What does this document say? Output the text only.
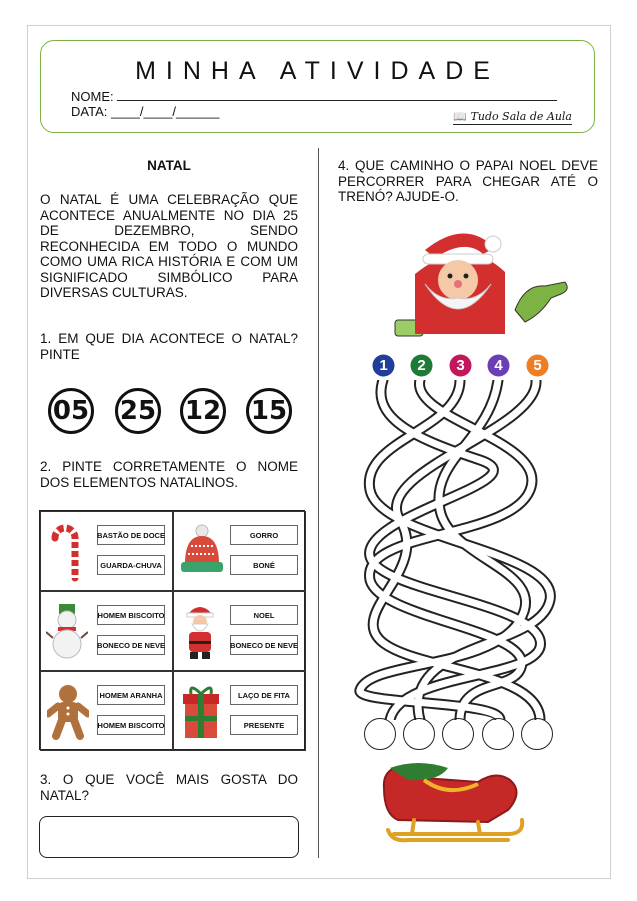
MINHA ATIVIDADE
NOME:
DATA: ____/____/______	📖 Tudo Sala de Aula
NATAL
O NATAL É UMA CELEBRAÇÃO QUE ACONTECE ANUALMENTE NO DIA 25 DE DEZEMBRO, SENDO RECONHECIDA EM TODO O MUNDO COMO UMA RICA HISTÓRIA E COM UM SIGNIFICADO SIMBÓLICO PARA DIVERSAS CULTURAS.
1. EM QUE DIA ACONTECE O NATAL? PINTE
05 25 12 15
2. PINTE CORRETAMENTE O NOME DOS ELEMENTOS NATALINOS.
BASTÃO DE DOCE
GUARDA-CHUVA
GORRO
BONÉ
HOMEM BISCOITO
BONECO DE NEVE
NOEL
BONECO DE NEVE
HOMEM ARANHA
HOMEM BISCOITO
LAÇO DE FITA
PRESENTE
3. O QUE VOCÊ MAIS GOSTA DO NATAL?
4. QUE CAMINHO O PAPAI NOEL DEVE PERCORRER PARA CHEGAR ATÉ O TRENÓ? AJUDE-O.
1	2	3	4	5
